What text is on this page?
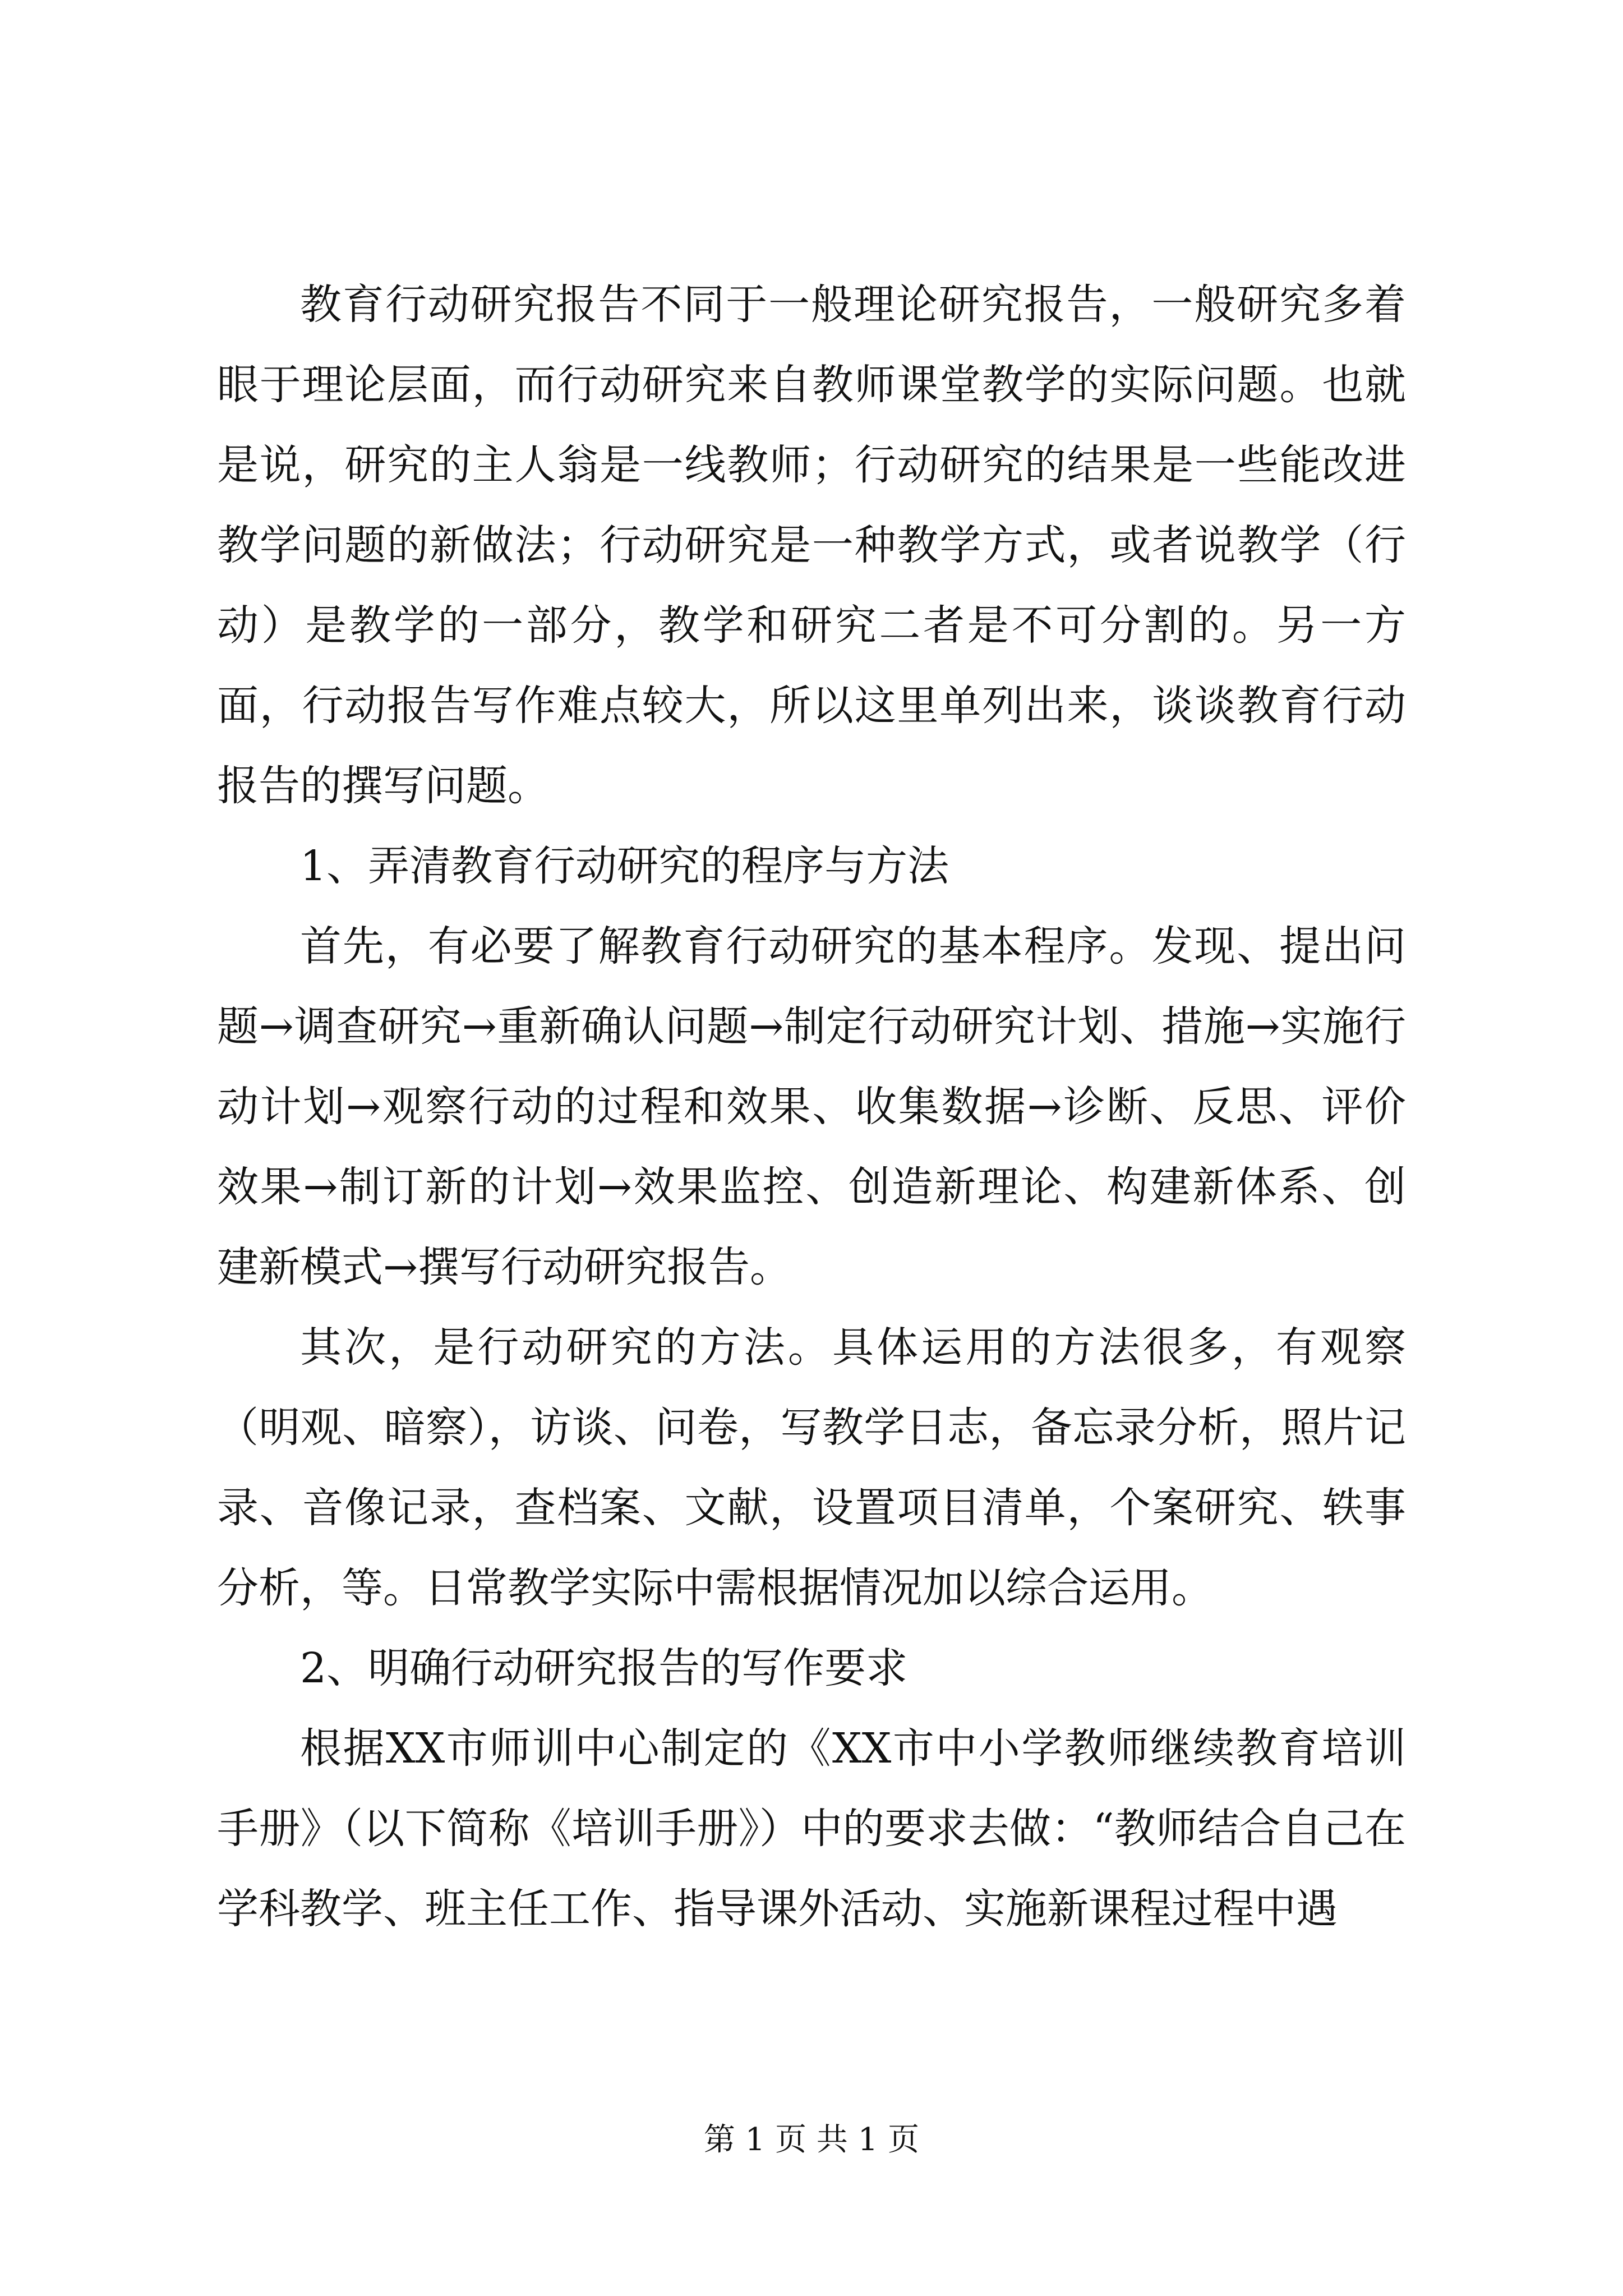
教育行动研究报告不同于一般理论研究报告，一般研究多着眼于理论层面，而行动研究来自教师课堂教学的实际问题。也就是说，研究的主人翁是一线教师；行动研究的结果是一些能改进教学问题的新做法；行动研究是一种教学方式，或者说教学（行动）是教学的一部分，教学和研究二者是不可分割的。另一方面，行动报告写作难点较大，所以这里单列出来，谈谈教育行动报告的撰写问题。

1、弄清教育行动研究的程序与方法

首先，有必要了解教育行动研究的基本程序。发现、提出问题→调查研究→重新确认问题→制定行动研究计划、措施→实施行动计划→观察行动的过程和效果、收集数据→诊断、反思、评价效果→制订新的计划→效果监控、创造新理论、构建新体系、创建新模式→撰写行动研究报告。

其次，是行动研究的方法。具体运用的方法很多，有观察（明观、暗察），访谈、问卷，写教学日志，备忘录分析，照片记录、音像记录，查档案、文献，设置项目清单，个案研究、轶事分析，等。日常教学实际中需根据情况加以综合运用。

2、明确行动研究报告的写作要求

根据XX市师训中心制定的《XX市中小学教师继续教育培训手册》（以下简称《培训手册》）中的要求去做：“教师结合自己在学科教学、班主任工作、指导课外活动、实施新课程过程中遇

第 1 页 共 1 页
